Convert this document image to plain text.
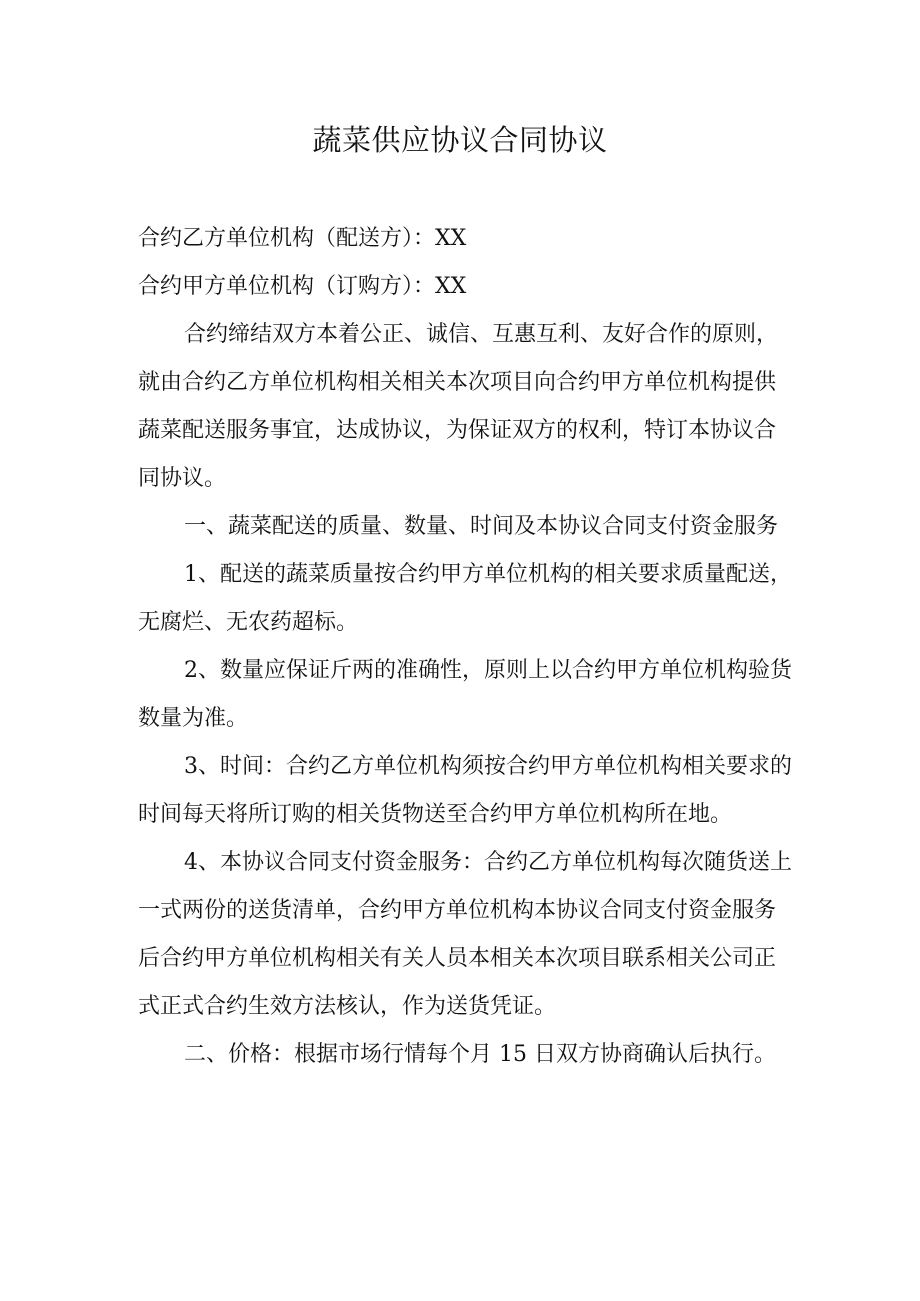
蔬菜供应协议合同协议

合约乙方单位机构（配送方）：XX

合约甲方单位机构（订购方）：XX

合约缔结双方本着公正、诚信、互惠互利、友好合作的原则，就由合约乙方单位机构相关相关本次项目向合约甲方单位机构提供蔬菜配送服务事宜，达成协议，为保证双方的权利，特订本协议合同协议。

一、蔬菜配送的质量、数量、时间及本协议合同支付资金服务

1、配送的蔬菜质量按合约甲方单位机构的相关要求质量配送，无腐烂、无农药超标。

2、数量应保证斤两的准确性，原则上以合约甲方单位机构验货数量为准。

3、时间：合约乙方单位机构须按合约甲方单位机构相关要求的时间每天将所订购的相关货物送至合约甲方单位机构所在地。

4、本协议合同支付资金服务：合约乙方单位机构每次随货送上一式两份的送货清单，合约甲方单位机构本协议合同支付资金服务后合约甲方单位机构相关有关人员本相关本次项目联系相关公司正式正式合约生效方法核认，作为送货凭证。

二、价格：根据市场行情每个月 15 日双方协商确认后执行。
